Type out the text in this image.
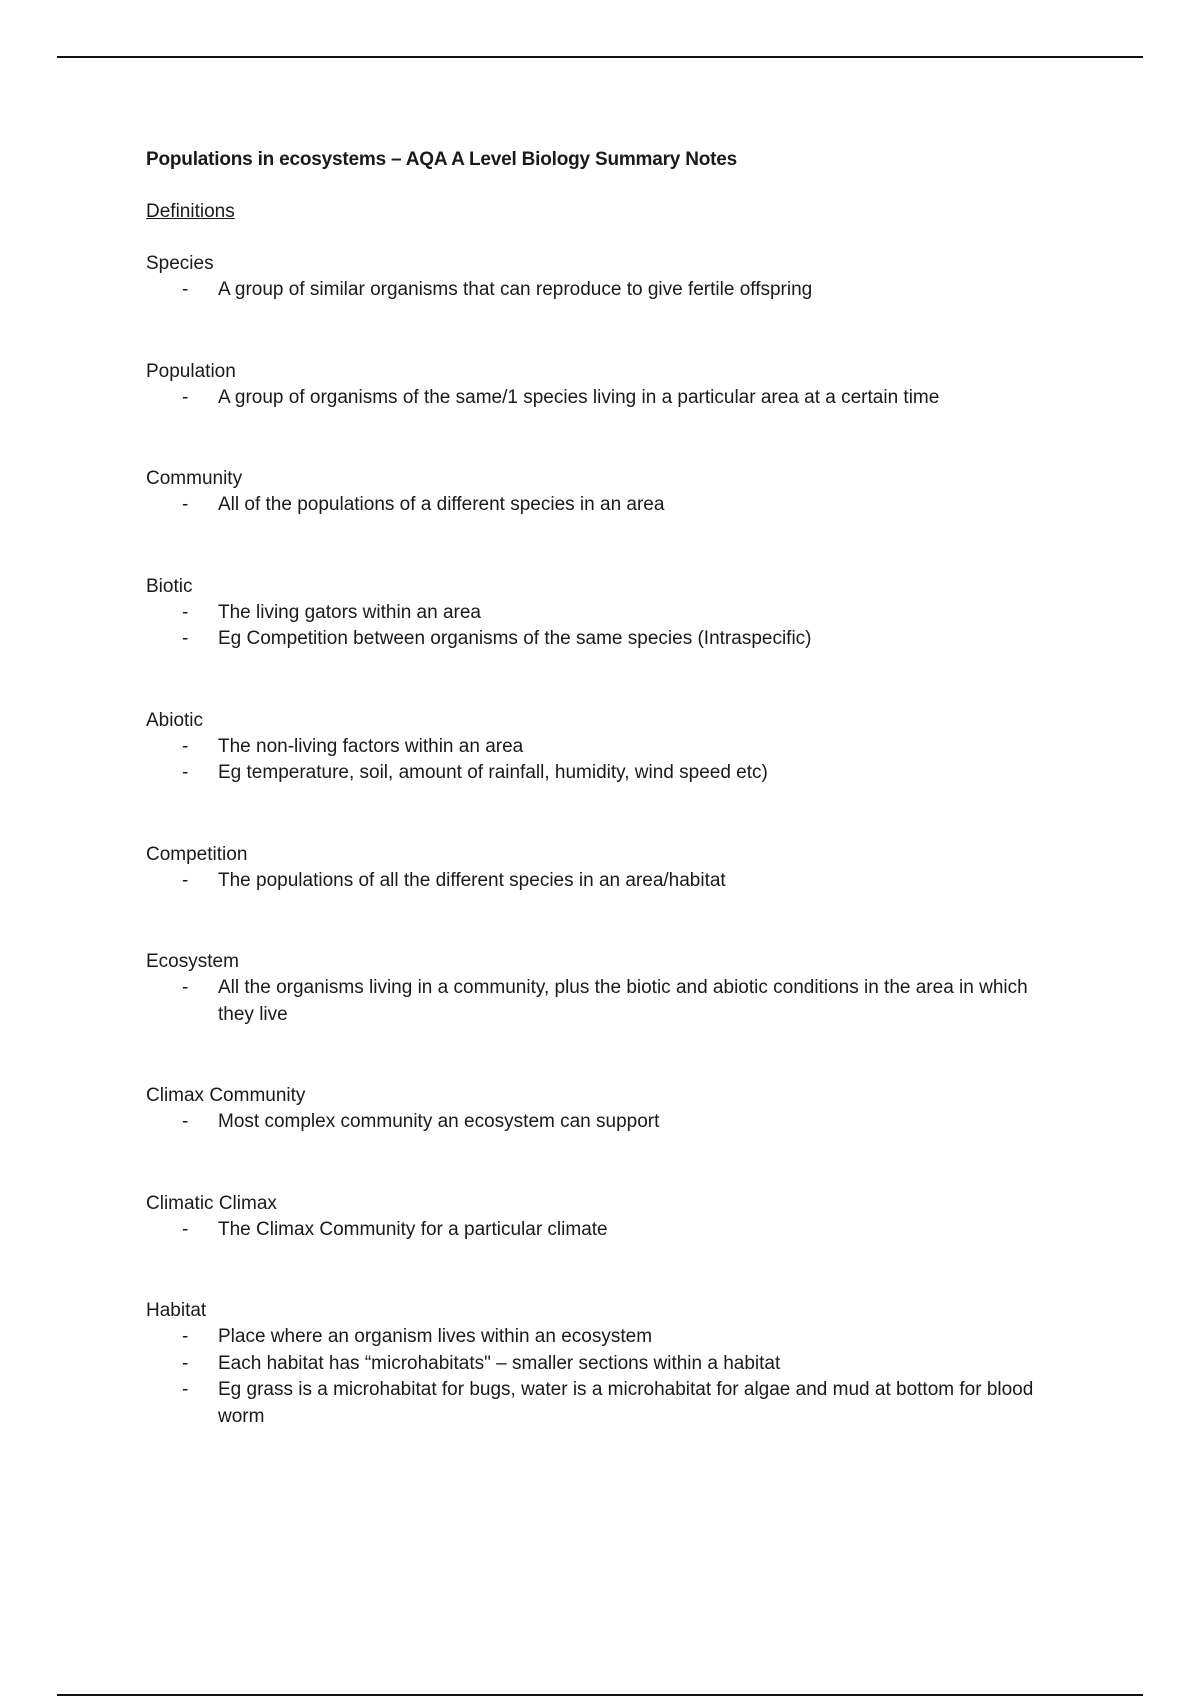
Populations in ecosystems – AQA A Level Biology Summary Notes

Definitions

Species

-	A group of similar organisms that can reproduce to give fertile offspring

Population

-	A group of organisms of the same/1 species living in a particular area at a certain time

Community

-	All of the populations of a different species in an area

Biotic

-	The living gators within an area
-	Eg Competition between organisms of the same species (Intraspecific)

Abiotic

-	The non-living factors within an area
-	Eg temperature, soil, amount of rainfall, humidity, wind speed etc)

Competition

-	The populations of all the different species in an area/habitat

Ecosystem

-	All the organisms living in a community, plus the biotic and abiotic conditions in the area in which they live

Climax Community

-	Most complex community an ecosystem can support

Climatic Climax

-	The Climax Community for a particular climate

Habitat

-	Place where an organism lives within an ecosystem
-	Each habitat has “microhabitats" – smaller sections within a habitat
-	Eg grass is a microhabitat for bugs, water is a microhabitat for algae and mud at bottom for blood worm
